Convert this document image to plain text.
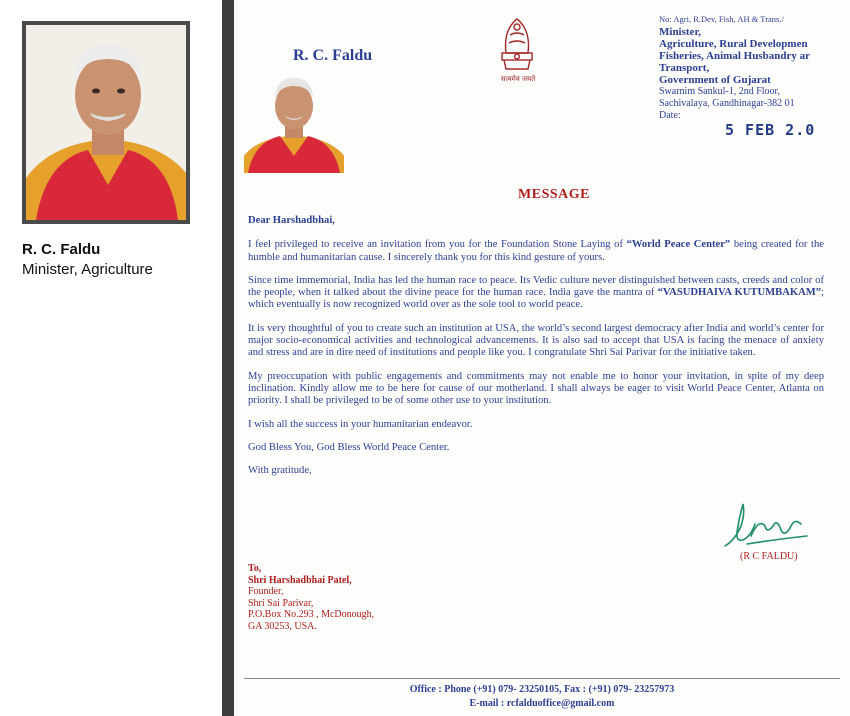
R. C. Faldu

Minister, Agriculture

R. C. Faldu

सत्यमेव जयते

No: Agri, R.Dev, Fish, AH & Trans./

Minister,

Agriculture, Rural Developmen

Fisheries, Animal Husbandry ar

Transport,

Government of Gujarat

Swarnim Sankul-1, 2nd Floor,

Sachivalaya, Gandhinagar-382 01

Date:

5 FEB 2.0
MESSAGE

Dear Harshadbhai,

I feel privileged to receive an invitation from you for the Foundation Stone Laying of “World Peace Center” being created for the humble and humanitarian cause. I sincerely thank you for this kind gesture of yours.

Since time immemorial, India has led the human race to peace. Its Vedic culture never distinguished between casts, creeds and color of the people, when it talked about the divine peace for the human race. India gave the mantra of “VASUDHAIVA KUTUMBAKAM”; which eventually is now recognized world over as the sole tool to world peace.

It is very thoughtful of you to create such an institution at USA, the world’s second largest democracy after India and world’s center for major socio-economical activities and technological advancements. It is also sad to accept that USA is facing the menace of anxiety and stress and are in dire need of institutions and people like you. I congratulate Shri Sai Parivar for the initiative taken.

My preoccupation with public engagements and commitments may not enable me to honor your invitation, in spite of my deep inclination. Kindly allow me to be here for cause of our motherland. I shall always be eager to visit World Peace Center, Atlanta on priority. I shall be privileged to be of some other use to your institution.

I wish all the success in your humanitarian endeavor.

God Bless You, God Bless World Peace Center.

With gratitude,

(R C FALDU)

To,

Shri Harshadbhai Patel,

Founder,

Shri Sai Parivar,

P.O.Box No.293 , McDonough,

GA 30253, USA.

Office : Phone (+91) 079- 23250105, Fax : (+91) 079- 23257973

E-mail : rcfalduoffice@gmail.com
